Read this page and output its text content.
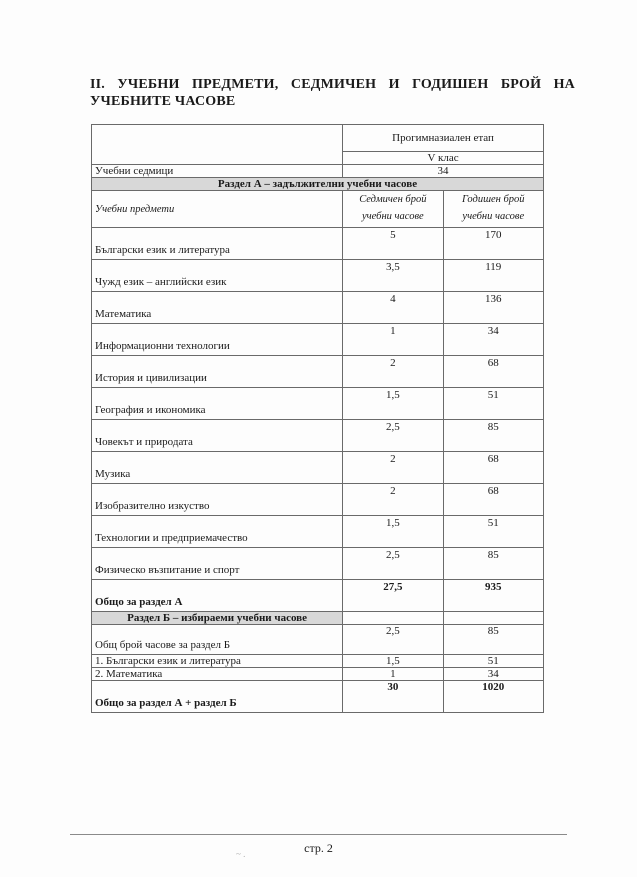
II. УЧЕБНИ ПРЕДМЕТИ, СЕДМИЧЕН И ГОДИШЕН БРОЙ НА УЧЕБНИТЕ ЧАСОВЕ
	Прогимназиален етап	
	V клас	
Учебни седмици	34	
Раздел А – задължителни учебни часове		
Учебни предмети	Седмичен брой учебни часове	Годишен брой учебни часове
Български език и литература	5	170
Чужд език – английски език	3,5	119
Математика	4	136
Информационни технологии	1	34
История и цивилизации	2	68
География и икономика	1,5	51
Човекът и природата	2,5	85
Музика	2	68
Изобразително изкуство	2	68
Технологии и предприемачество	1,5	51
Физическо възпитание и спорт	2,5	85
Общо за раздел А	27,5	935
Раздел Б – избираеми учебни часове		
Общ брой часове за раздел Б	2,5	85
1. Български език и литература	1,5	51
2. Математика	1	34
Общо за раздел А + раздел Б	30	1020
стр. 2
~ .
